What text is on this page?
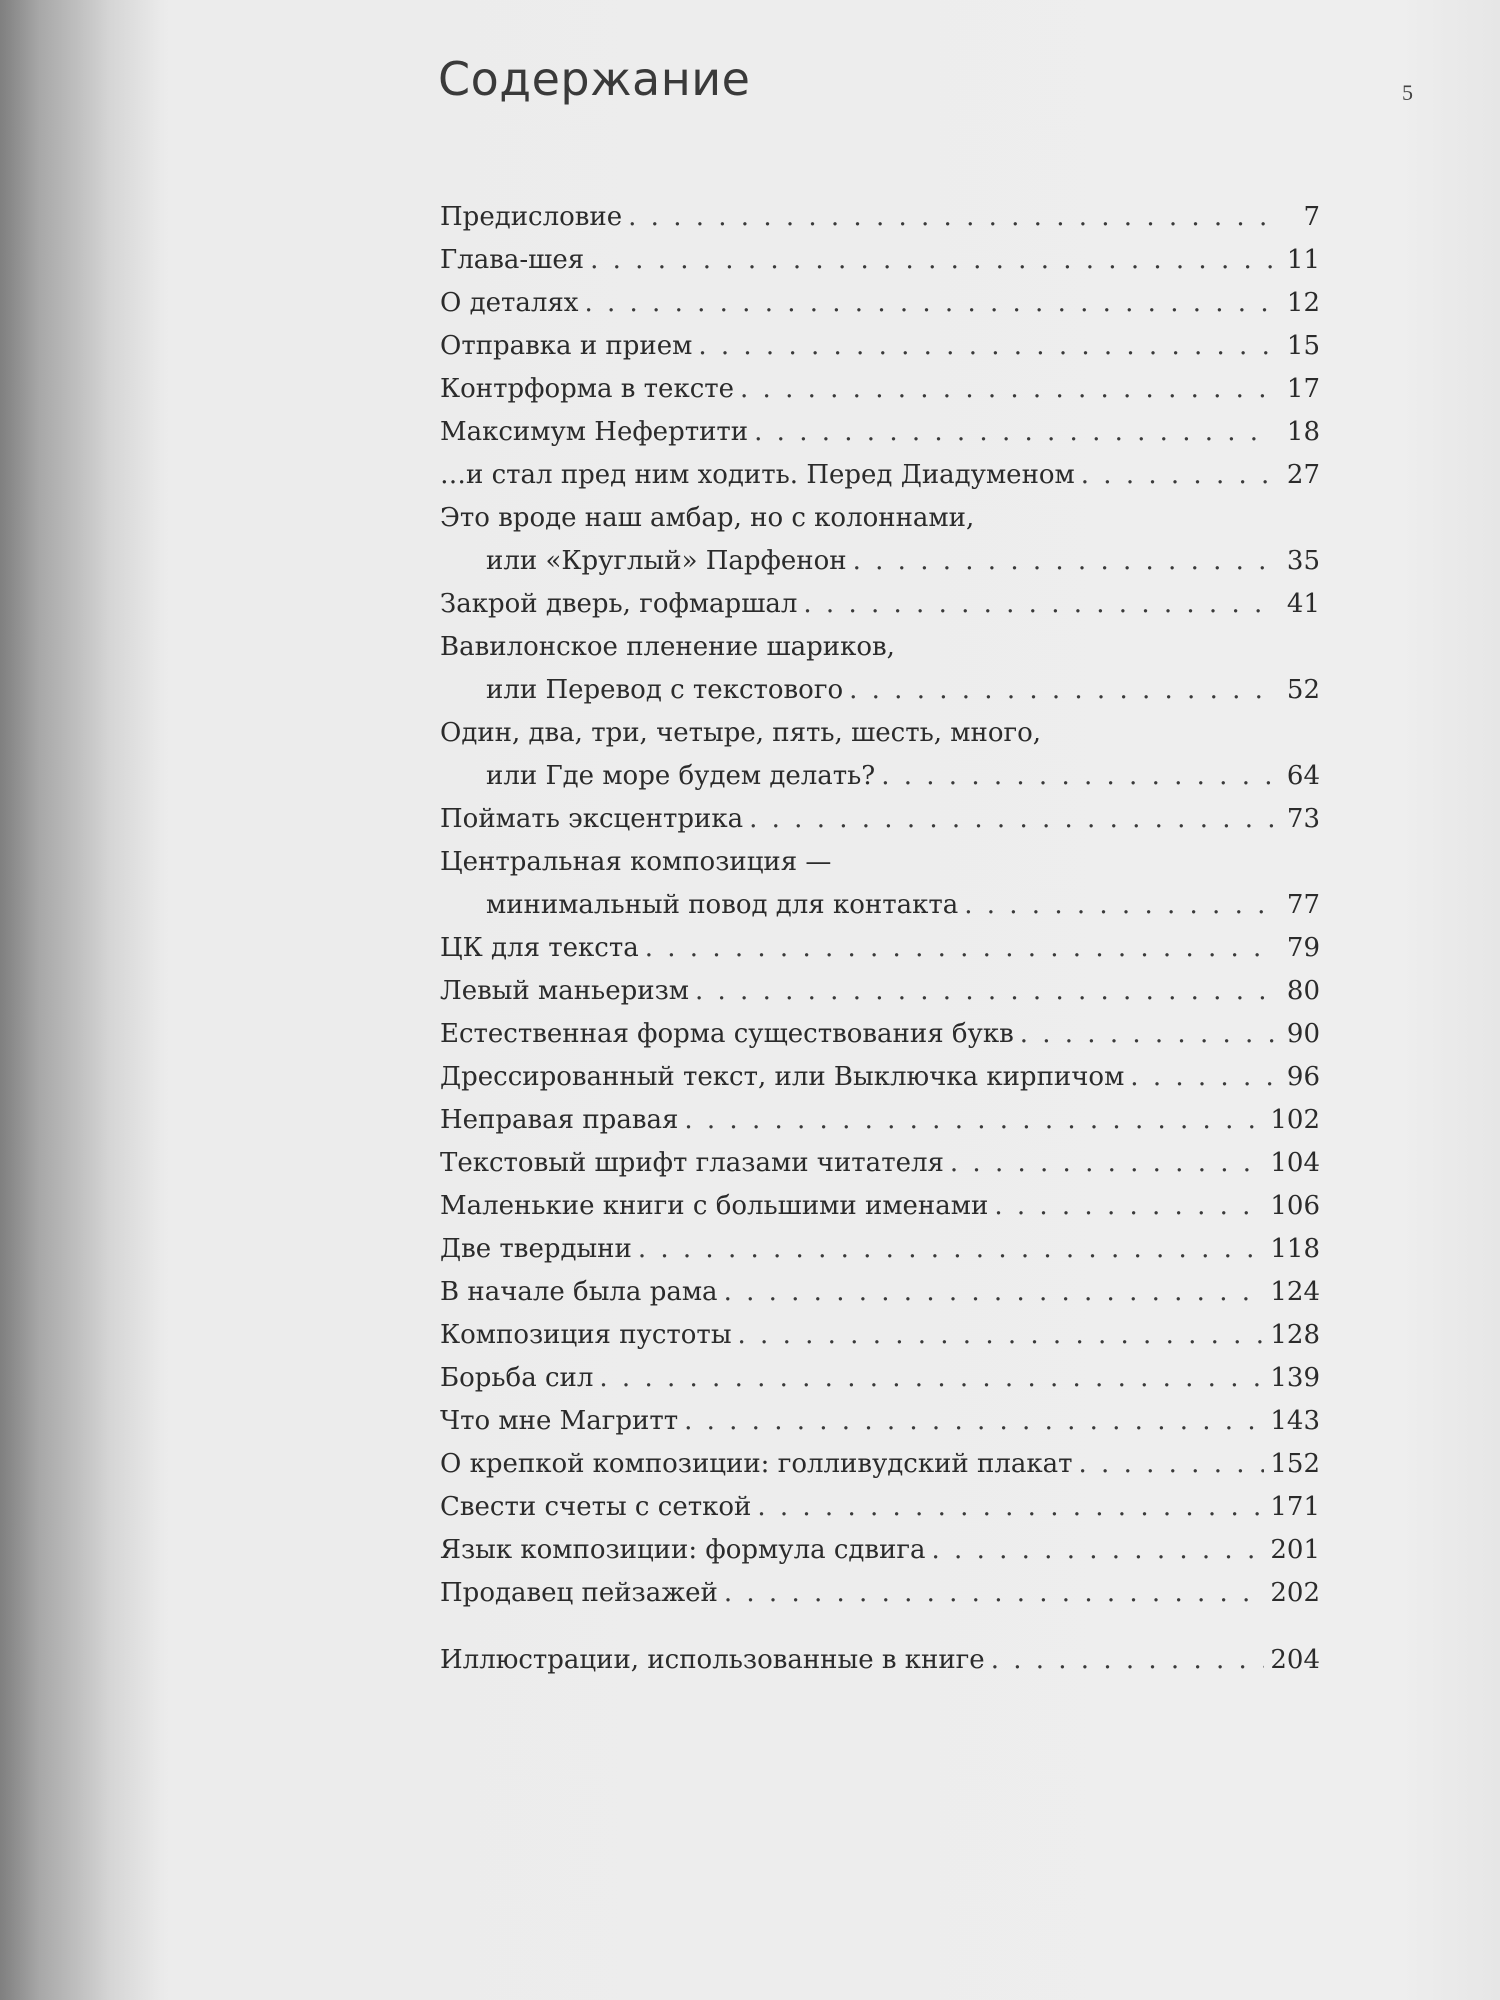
Содержание	5
Предисловие . . .	7
Глава-шея . . .	11
О деталях . . .	12
Отправка и прием . . .	15
Контрформа в тексте . . .	17
Максимум Нефертити . . .	18
…и стал пред ним ходить. Перед Диадуменом . . .	27
Это вроде наш амбар, но с колоннами,
или «Круглый» Парфенон . . .	35
Закрой дверь, гофмаршал . . .	41
Вавилонское пленение шариков,
или Перевод с текстового . . .	52
Один, два, три, четыре, пять, шесть, много,
или Где море будем делать? . . .	64
Поймать эксцентрика . . .	73
Центральная композиция —
минимальный повод для контакта . . .	77
ЦК для текста . . .	79
Левый маньеризм . . .	80
Естественная форма существования букв . . .	90
Дрессированный текст, или Выключка кирпичом . . .	96
Неправая правая . . .	102
Текстовый шрифт глазами читателя . . .	104
Маленькие книги с большими именами . . .	106
Две твердыни . . .	118
В начале была рама . . .	124
Композиция пустоты . . .	128
Борьба сил . . .	139
Что мне Магритт . . .	143
О крепкой композиции: голливудский плакат . . .	152
Свести счеты с сеткой . . .	171
Язык композиции: формула сдвига . . .	201
Продавец пейзажей . . .	202
Иллюстрации, использованные в книге . . .	204
